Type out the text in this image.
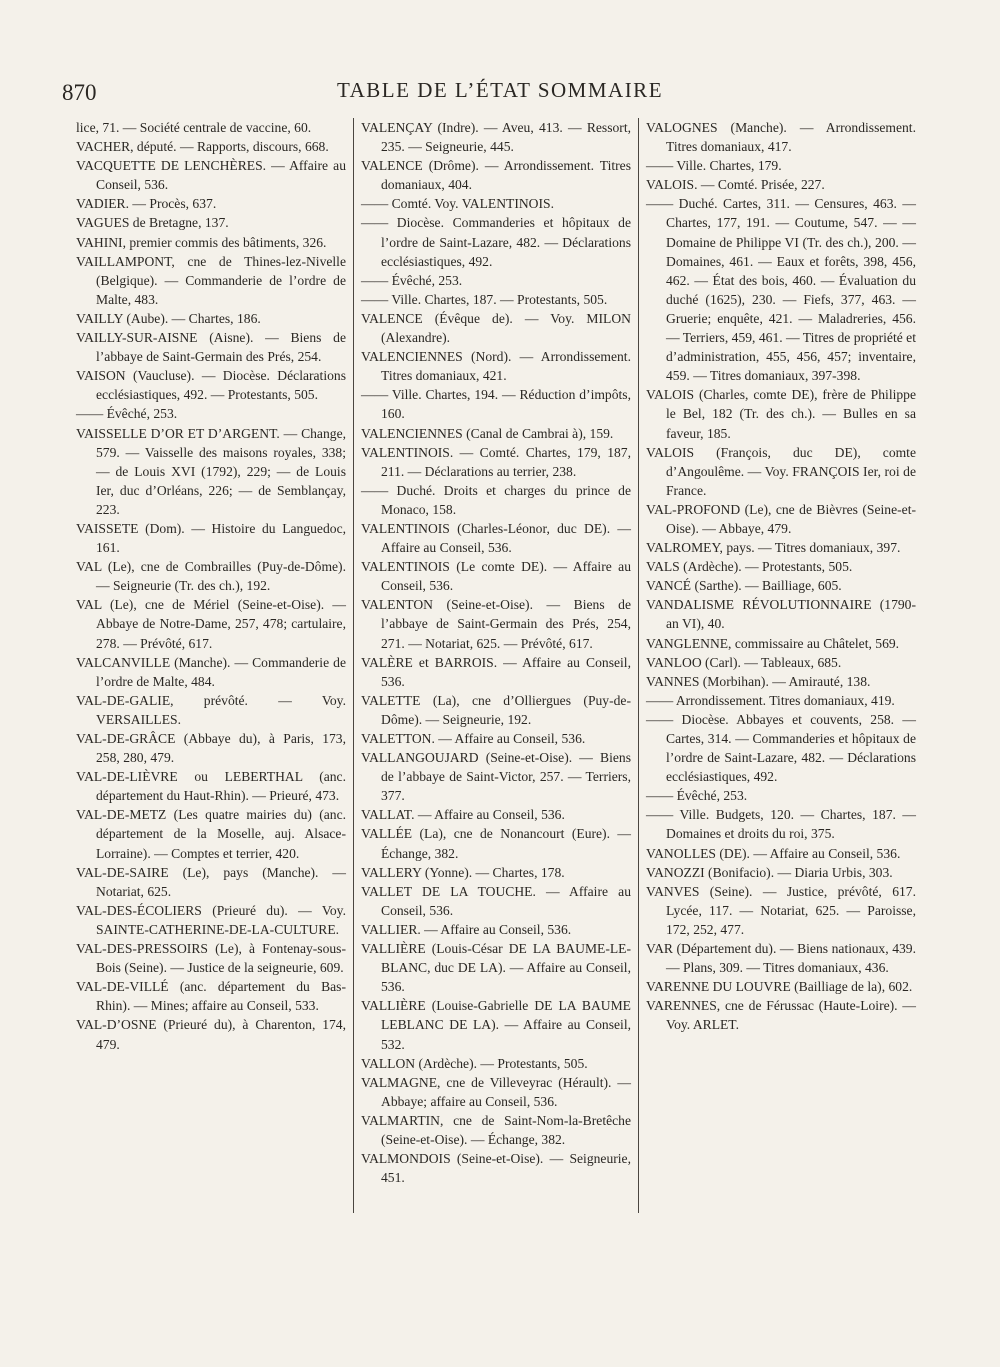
870	TABLE DE L’ÉTAT SOMMAIRE
lice, 71. — Société centrale de vaccine, 60.
VACHER, député. — Rapports, discours, 668.
VACQUETTE DE LENCHÈRES. — Affaire au Conseil, 536.
VADIER. — Procès, 637.
VAGUES de Bretagne, 137.
VAHINI, premier commis des bâtiments, 326.
VAILLAMPONT, cne de Thines-lez-Nivelle (Belgique). — Commanderie de l’ordre de Malte, 483.
VAILLY (Aube). — Chartes, 186.
VAILLY-SUR-AISNE (Aisne). — Biens de l’abbaye de Saint-Germain des Prés, 254.
VAISON (Vaucluse). — Diocèse. Déclarations ecclésiastiques, 492. — Protestants, 505.
—— Évêché, 253.
VAISSELLE D’OR ET D’ARGENT. — Change, 579. — Vaisselle des maisons royales, 338; — de Louis XVI (1792), 229; — de Louis Ier, duc d’Orléans, 226; — de Semblançay, 223.
VAISSETE (Dom). — Histoire du Languedoc, 161.
VAL (Le), cne de Combrailles (Puy-de-Dôme). — Seigneurie (Tr. des ch.), 192.
VAL (Le), cne de Mériel (Seine-et-Oise). — Abbaye de Notre-Dame, 257, 478; cartulaire, 278. — Prévôté, 617.
VALCANVILLE (Manche). — Commanderie de l’ordre de Malte, 484.
VAL-DE-GALIE, prévôté. — Voy. VERSAILLES.
VAL-DE-GRÂCE (Abbaye du), à Paris, 173, 258, 280, 479.
VAL-DE-LIÈVRE ou LEBERTHAL (anc. département du Haut-Rhin). — Prieuré, 473.
VAL-DE-METZ (Les quatre mairies du) (anc. département de la Moselle, auj. Alsace-Lorraine). — Comptes et terrier, 420.
VAL-DE-SAIRE (Le), pays (Manche). — Notariat, 625.
VAL-DES-ÉCOLIERS (Prieuré du). — Voy. SAINTE-CATHERINE-DE-LA-CULTURE.
VAL-DES-PRESSOIRS (Le), à Fontenay-sous-Bois (Seine). — Justice de la seigneurie, 609.
VAL-DE-VILLÉ (anc. département du Bas-Rhin). — Mines; affaire au Conseil, 533.
VAL-D’OSNE (Prieuré du), à Charenton, 174, 479.
VALENÇAY (Indre). — Aveu, 413. — Ressort, 235. — Seigneurie, 445.
VALENCE (Drôme). — Arrondissement. Titres domaniaux, 404.
—— Comté. Voy. VALENTINOIS.
—— Diocèse. Commanderies et hôpitaux de l’ordre de Saint-Lazare, 482. — Déclarations ecclésiastiques, 492.
—— Évêché, 253.
—— Ville. Chartes, 187. — Protestants, 505.
VALENCE (Évêque de). — Voy. MILON (Alexandre).
VALENCIENNES (Nord). — Arrondissement. Titres domaniaux, 421.
—— Ville. Chartes, 194. — Réduction d’impôts, 160.
VALENCIENNES (Canal de Cambrai à), 159.
VALENTINOIS. — Comté. Chartes, 179, 187, 211. — Déclarations au terrier, 238.
—— Duché. Droits et charges du prince de Monaco, 158.
VALENTINOIS (Charles-Léonor, duc DE). — Affaire au Conseil, 536.
VALENTINOIS (Le comte DE). — Affaire au Conseil, 536.
VALENTON (Seine-et-Oise). — Biens de l’abbaye de Saint-Germain des Prés, 254, 271. — Notariat, 625. — Prévôté, 617.
VALÈRE et BARROIS. — Affaire au Conseil, 536.
VALETTE (La), cne d’Olliergues (Puy-de-Dôme). — Seigneurie, 192.
VALETTON. — Affaire au Conseil, 536.
VALLANGOUJARD (Seine-et-Oise). — Biens de l’abbaye de Saint-Victor, 257. — Terriers, 377.
VALLAT. — Affaire au Conseil, 536.
VALLÉE (La), cne de Nonancourt (Eure). — Échange, 382.
VALLERY (Yonne). — Chartes, 178.
VALLET DE LA TOUCHE. — Affaire au Conseil, 536.
VALLIER. — Affaire au Conseil, 536.
VALLIÈRE (Louis-César DE LA BAUME-LE-BLANC, duc DE LA). — Affaire au Conseil, 536.
VALLIÈRE (Louise-Gabrielle DE LA BAUME LEBLANC DE LA). — Affaire au Conseil, 532.
VALLON (Ardèche). — Protestants, 505.
VALMAGNE, cne de Villeveyrac (Hérault). — Abbaye; affaire au Conseil, 536.
VALMARTIN, cne de Saint-Nom-la-Bretêche (Seine-et-Oise). — Échange, 382.
VALMONDOIS (Seine-et-Oise). — Seigneurie, 451.
VALOGNES (Manche). — Arrondissement. Titres domaniaux, 417.
—— Ville. Chartes, 179.
VALOIS. — Comté. Prisée, 227.
—— Duché. Cartes, 311. — Censures, 463. — Chartes, 177, 191. — Coutume, 547. — — Domaine de Philippe VI (Tr. des ch.), 200. — Domaines, 461. — Eaux et forêts, 398, 456, 462. — État des bois, 460. — Évaluation du duché (1625), 230. — Fiefs, 377, 463. — Gruerie; enquête, 421. — Maladreries, 456. — Terriers, 459, 461. — Titres de propriété et d’administration, 455, 456, 457; inventaire, 459. — Titres domaniaux, 397-398.
VALOIS (Charles, comte DE), frère de Philippe le Bel, 182 (Tr. des ch.). — Bulles en sa faveur, 185.
VALOIS (François, duc DE), comte d’Angoulême. — Voy. FRANÇOIS Ier, roi de France.
VAL-PROFOND (Le), cne de Bièvres (Seine-et-Oise). — Abbaye, 479.
VALROMEY, pays. — Titres domaniaux, 397.
VALS (Ardèche). — Protestants, 505.
VANCÉ (Sarthe). — Bailliage, 605.
VANDALISME RÉVOLUTIONNAIRE (1790-an VI), 40.
VANGLENNE, commissaire au Châtelet, 569.
VANLOO (Carl). — Tableaux, 685.
VANNES (Morbihan). — Amirauté, 138.
—— Arrondissement. Titres domaniaux, 419.
—— Diocèse. Abbayes et couvents, 258. — Cartes, 314. — Commanderies et hôpitaux de l’ordre de Saint-Lazare, 482. — Déclarations ecclésiastiques, 492.
—— Évêché, 253.
—— Ville. Budgets, 120. — Chartes, 187. — Domaines et droits du roi, 375.
VANOLLES (DE). — Affaire au Conseil, 536.
VANOZZI (Bonifacio). — Diaria Urbis, 303.
VANVES (Seine). — Justice, prévôté, 617. Lycée, 117. — Notariat, 625. — Paroisse, 172, 252, 477.
VAR (Département du). — Biens nationaux, 439. — Plans, 309. — Titres domaniaux, 436.
VARENNE DU LOUVRE (Bailliage de la), 602.
VARENNES, cne de Férussac (Haute-Loire). — Voy. ARLET.
